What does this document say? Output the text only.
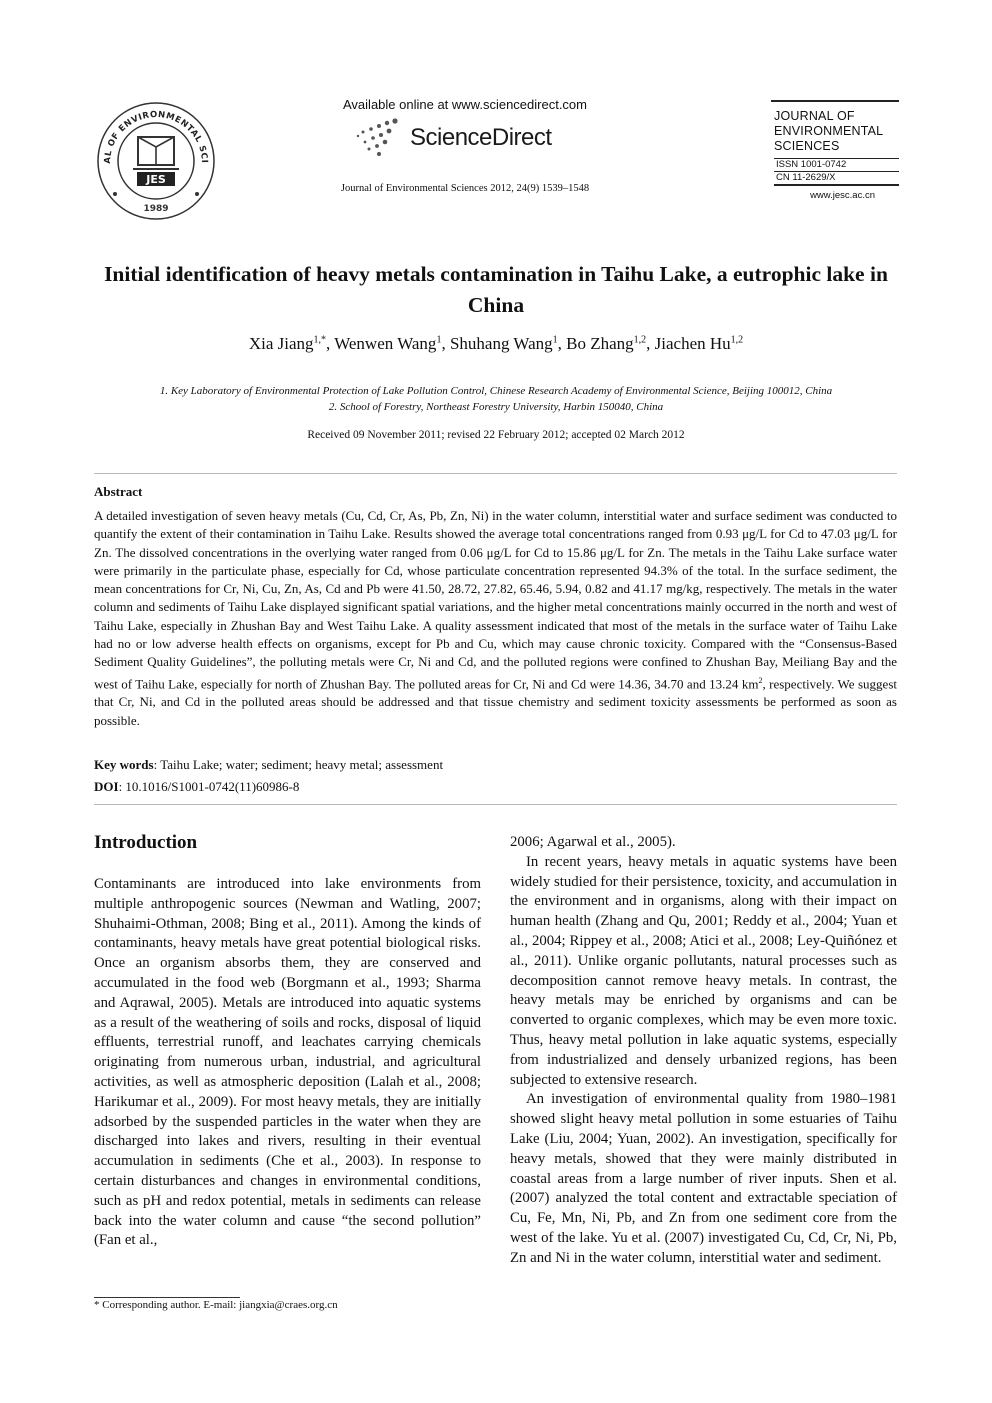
AL OF ENVIRONMENTAL SCI
JES
1989
Available online at www.sciencedirect.com
ScienceDirect
Journal of Environmental Sciences 2012, 24(9) 1539–1548
JOURNAL OF
ENVIRONMENTAL
SCIENCES
ISSN 1001-0742
CN 11-2629/X
www.jesc.ac.cn
Initial identification of heavy metals contamination in Taihu Lake, a eutrophic lake in China
Xia Jiang$^{1,*}$, Wenwen Wang$^1$, Shuhang Wang$^1$, Bo Zhang$^{1,2}$, Jiachen Hu$^{1,2}$
1. Key Laboratory of Environmental Protection of Lake Pollution Control, Chinese Research Academy of Environmental Science, Beijing 100012, China
2. School of Forestry, Northeast Forestry University, Harbin 150040, China
Received 09 November 2011; revised 22 February 2012; accepted 02 March 2012
Abstract
A detailed investigation of seven heavy metals (Cu, Cd, Cr, As, Pb, Zn, Ni) in the water column, interstitial water and surface sediment was conducted to quantify the extent of their contamination in Taihu Lake. Results showed the average total concentrations ranged from 0.93 μg/L for Cd to 47.03 μg/L for Zn. The dissolved concentrations in the overlying water ranged from 0.06 μg/L for Cd to 15.86 μg/L for Zn. The metals in the Taihu Lake surface water were primarily in the particulate phase, especially for Cd, whose particulate concentration represented 94.3% of the total. In the surface sediment, the mean concentrations for Cr, Ni, Cu, Zn, As, Cd and Pb were 41.50, 28.72, 27.82, 65.46, 5.94, 0.82 and 41.17 mg/kg, respectively. The metals in the water column and sediments of Taihu Lake displayed significant spatial variations, and the higher metal concentrations mainly occurred in the north and west of Taihu Lake, especially in Zhushan Bay and West Taihu Lake. A quality assessment indicated that most of the metals in the surface water of Taihu Lake had no or low adverse health effects on organisms, except for Pb and Cu, which may cause chronic toxicity. Compared with the “Consensus-Based Sediment Quality Guidelines”, the polluting metals were Cr, Ni and Cd, and the polluted regions were confined to Zhushan Bay, Meiliang Bay and the west of Taihu Lake, especially for north of Zhushan Bay. The polluted areas for Cr, Ni and Cd were 14.36, 34.70 and 13.24 $km^2$, respectively. We suggest that Cr, Ni, and Cd in the polluted areas should be addressed and that tissue chemistry and sediment toxicity assessments be performed as soon as possible.
Key words: Taihu Lake; water; sediment; heavy metal; assessment
DOI: 10.1016/S1001-0742(11)60986-8
Introduction

Contaminants are introduced into lake environments from multiple anthropogenic sources (Newman and Watling, 2007; Shuhaimi-Othman, 2008; Bing et al., 2011). Among the kinds of contaminants, heavy metals have great potential biological risks. Once an organism absorbs them, they are conserved and accumulated in the food web (Borgmann et al., 1993; Sharma and Aqrawal, 2005). Metals are introduced into aquatic systems as a result of the weathering of soils and rocks, disposal of liquid effluents, terrestrial runoff, and leachates carrying chemicals originating from numerous urban, industrial, and agricultural activities, as well as atmospheric deposition (Lalah et al., 2008; Harikumar et al., 2009). For most heavy metals, they are initially adsorbed by the suspended particles in the water when they are discharged into lakes and rivers, resulting in their eventual accumulation in sediments (Che et al., 2003). In response to certain disturbances and changes in environmental conditions, such as pH and redox potential, metals in sediments can release back into the water column and cause “the second pollution” (Fan et al.,

2006; Agarwal et al., 2005).

In recent years, heavy metals in aquatic systems have been widely studied for their persistence, toxicity, and accumulation in the environment and in organisms, along with their impact on human health (Zhang and Qu, 2001; Reddy et al., 2004; Yuan et al., 2004; Rippey et al., 2008; Atici et al., 2008; Ley-Quiñónez et al., 2011). Unlike organic pollutants, natural processes such as decomposition cannot remove heavy metals. In contrast, the heavy metals may be enriched by organisms and can be converted to organic complexes, which may be even more toxic. Thus, heavy metal pollution in lake aquatic systems, especially from industrialized and densely urbanized regions, has been subjected to extensive research.

An investigation of environmental quality from 1980–1981 showed slight heavy metal pollution in some estuaries of Taihu Lake (Liu, 2004; Yuan, 2002). An investigation, specifically for heavy metals, showed that they were mainly distributed in coastal areas from a large number of river inputs. Shen et al. (2007) analyzed the total content and extractable speciation of Cu, Fe, Mn, Ni, Pb, and Zn from one sediment core from the west of the lake. Yu et al. (2007) investigated Cu, Cd, Cr, Ni, Pb, Zn and Ni in the water column, interstitial water and sediment.

* Corresponding author. E-mail: jiangxia@craes.org.cn
